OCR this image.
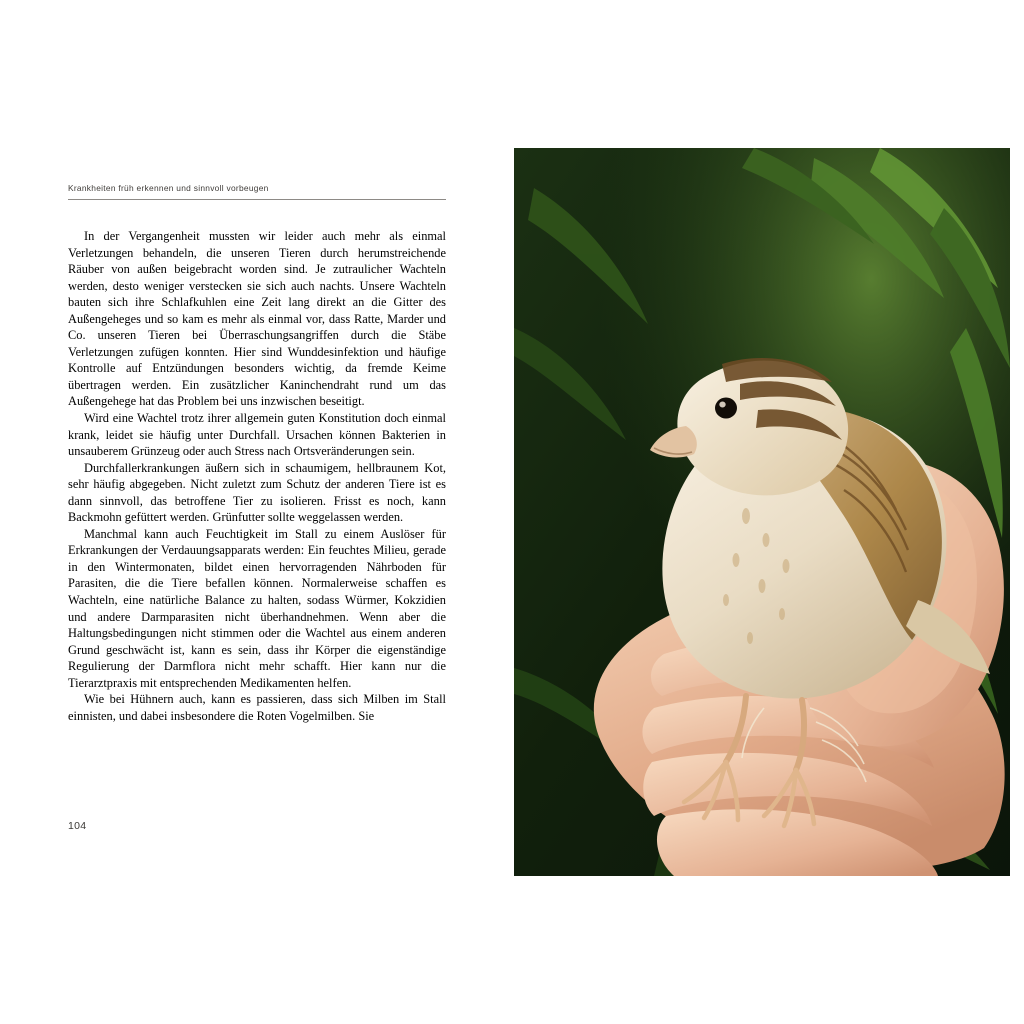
Krankheiten früh erkennen und sinnvoll vorbeugen

In der Vergangenheit mussten wir leider auch mehr als einmal Verletzungen behandeln, die unseren Tieren durch herumstreichende Räuber von außen beigebracht worden sind. Je zutraulicher Wachteln werden, desto weniger verstecken sie sich auch nachts. Unsere Wachteln bauten sich ihre Schlafkuhlen eine Zeit lang direkt an die Gitter des Außengeheges und so kam es mehr als einmal vor, dass Ratte, Marder und Co. unseren Tieren bei Überraschungsangriffen durch die Stäbe Verletzungen zufügen konnten. Hier sind Wunddesinfektion und häufige Kontrolle auf Entzündungen besonders wichtig, da fremde Keime übertragen werden. Ein zusätzlicher Kaninchendraht rund um das Außengehege hat das Problem bei uns inzwischen beseitigt.

Wird eine Wachtel trotz ihrer allgemein guten Konstitution doch einmal krank, leidet sie häufig unter Durchfall. Ursachen können Bakterien in unsauberem Grünzeug oder auch Stress nach Ortsveränderungen sein.

Durchfallerkrankungen äußern sich in schaumigem, hellbraunem Kot, sehr häufig abgegeben. Nicht zuletzt zum Schutz der anderen Tiere ist es dann sinnvoll, das betroffene Tier zu isolieren. Frisst es noch, kann Backmohn gefüttert werden. Grünfutter sollte weggelassen werden.

Manchmal kann auch Feuchtigkeit im Stall zu einem Auslöser für Erkrankungen der Verdauungsapparats werden: Ein feuchtes Milieu, gerade in den Wintermonaten, bildet einen hervorragenden Nährboden für Parasiten, die die Tiere befallen können. Normalerweise schaffen es Wachteln, eine natürliche Balance zu halten, sodass Würmer, Kokzidien und andere Darmparasiten nicht überhandnehmen. Wenn aber die Haltungsbedingungen nicht stimmen oder die Wachtel aus einem anderen Grund geschwächt ist, kann es sein, dass ihr Körper die eigenständige Regulierung der Darmflora nicht mehr schafft. Hier kann nur die Tierarztpraxis mit entsprechenden Medikamenten helfen.

Wie bei Hühnern auch, kann es passieren, dass sich Milben im Stall einnisten, und dabei insbesondere die Roten Vogelmilben. Sie

104
